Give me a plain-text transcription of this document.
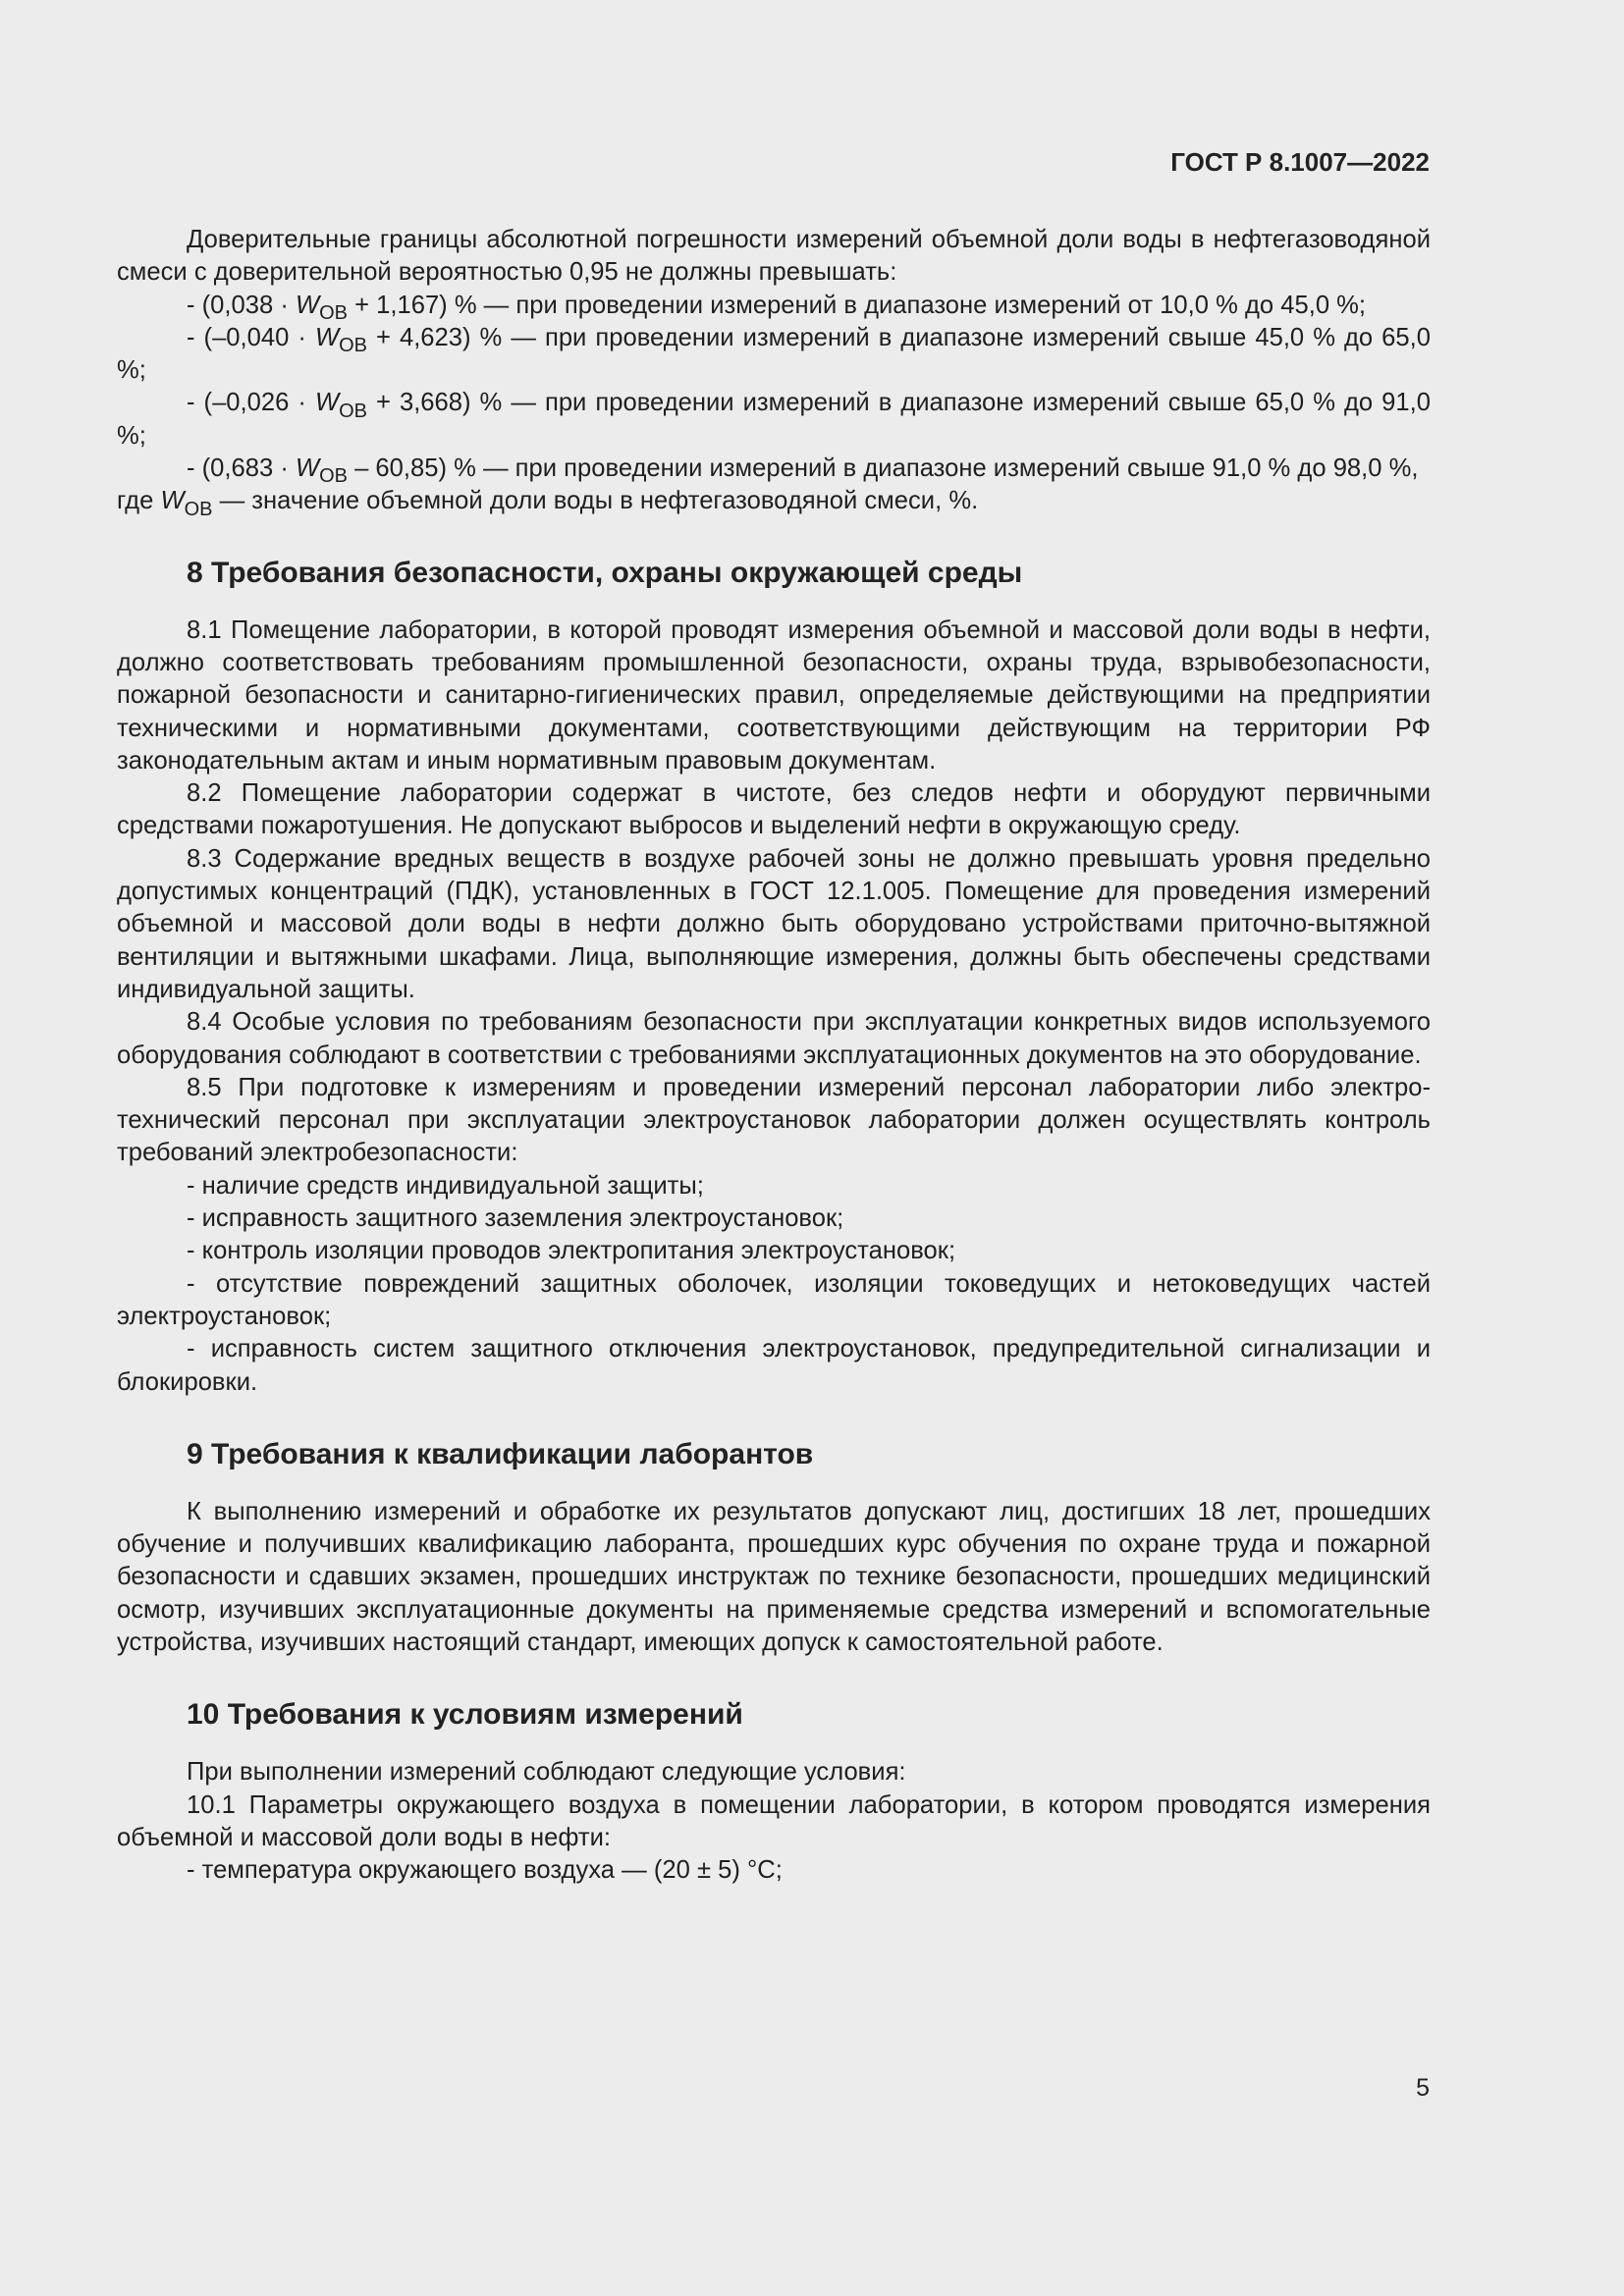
ГОСТ Р 8.1007—2022

Доверительные границы абсолютной погрешности измерений объемной доли воды в нефтегазоводяной смеси с доверительной вероятностью 0,95 не должны превышать:

- $(0,038 \cdot W_{ОВ} + 1,167)$ % — при проведении измерений в диапазоне измерений от 10,0 % до 45,0 %;

- $(-0,040 \cdot W_{ОВ} + 4,623)$ % — при проведении измерений в диапазоне измерений свыше 45,0 % до 65,0 %;

- $(-0,026 \cdot W_{ОВ} + 3,668)$ % — при проведении измерений в диапазоне измерений свыше 65,0 % до 91,0 %;

- $(0,683 \cdot W_{ОВ} - 60,85)$ % — при проведении измерений в диапазоне измерений свыше 91,0 % до 98,0 %,

где $W_{ОВ}$ — значение объемной доли воды в нефтегазоводяной смеси, %.

8 Требования безопасности, охраны окружающей среды

8.1 Помещение лаборатории, в которой проводят измерения объемной и массовой доли воды в нефти, должно соответствовать требованиям промышленной безопасности, охраны труда, взрывобезопасности, пожарной безопасности и санитарно-гигиенических правил, определяемые действующими на предприятии техническими и нормативными документами, соответствующими действующим на территории РФ законодательным актам и иным нормативным правовым документам.

8.2 Помещение лаборатории содержат в чистоте, без следов нефти и оборудуют первичными средствами пожаротушения. Не допускают выбросов и выделений нефти в окружающую среду.

8.3 Содержание вредных веществ в воздухе рабочей зоны не должно превышать уровня предельно допустимых концентраций (ПДК), установленных в ГОСТ 12.1.005. Помещение для проведения измерений объемной и массовой доли воды в нефти должно быть оборудовано устройствами приточно-вытяжной вентиляции и вытяжными шкафами. Лица, выполняющие измерения, должны быть обеспечены средствами индивидуальной защиты.

8.4 Особые условия по требованиям безопасности при эксплуатации конкретных видов используемого оборудования соблюдают в соответствии с требованиями эксплуатационных документов на это оборудование.

8.5 При подготовке к измерениям и проведении измерений персонал лаборатории либо электротехнический персонал при эксплуатации электроустановок лаборатории должен осуществлять контроль требований электробезопасности:

- наличие средств индивидуальной защиты;

- исправность защитного заземления электроустановок;

- контроль изоляции проводов электропитания электроустановок;

- отсутствие повреждений защитных оболочек, изоляции токоведущих и нетоковедущих частей электроустановок;

- исправность систем защитного отключения электроустановок, предупредительной сигнализации и блокировки.

9 Требования к квалификации лаборантов

К выполнению измерений и обработке их результатов допускают лиц, достигших 18 лет, прошедших обучение и получивших квалификацию лаборанта, прошедших курс обучения по охране труда и пожарной безопасности и сдавших экзамен, прошедших инструктаж по технике безопасности, прошедших медицинский осмотр, изучивших эксплуатационные документы на применяемые средства измерений и вспомогательные устройства, изучивших настоящий стандарт, имеющих допуск к самостоятельной работе.

10 Требования к условиям измерений

При выполнении измерений соблюдают следующие условия:

10.1 Параметры окружающего воздуха в помещении лаборатории, в котором проводятся измерения объемной и массовой доли воды в нефти:

- температура окружающего воздуха — (20 ± 5) °С;

5
